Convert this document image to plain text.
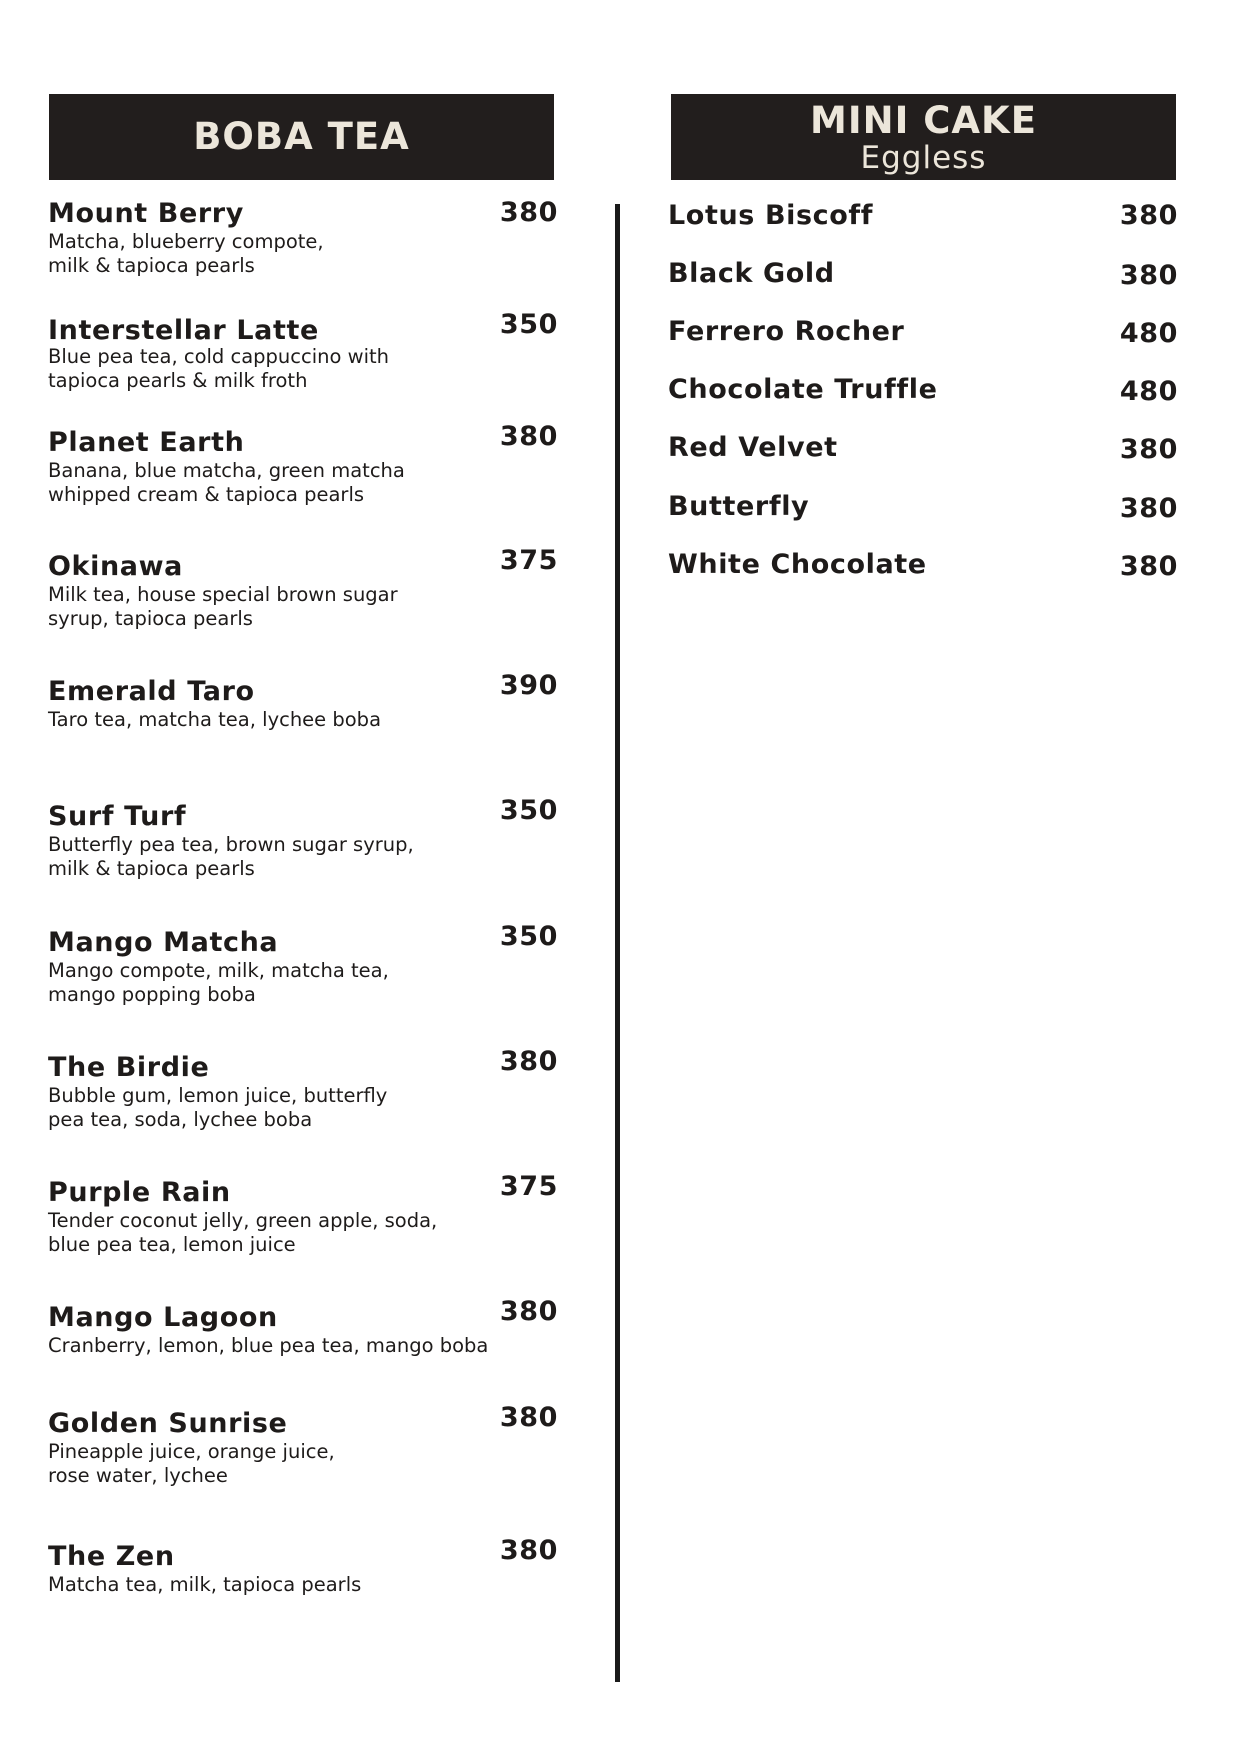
BOBA TEA	MINI CAKE
Eggless
Mount Berry	380
Matcha, blueberry compote,
milk & tapioca pearls
Interstellar Latte	350
Blue pea tea, cold cappuccino with
tapioca pearls & milk froth
Planet Earth	380
Banana, blue matcha, green matcha
whipped cream & tapioca pearls
Okinawa	375
Milk tea, house special brown sugar
syrup, tapioca pearls
Emerald Taro	390
Taro tea, matcha tea, lychee boba
Surf Turf	350
Butterfly pea tea, brown sugar syrup,
milk & tapioca pearls
Mango Matcha	350
Mango compote, milk, matcha tea,
mango popping boba
The Birdie	380
Bubble gum, lemon juice, butterfly
pea tea, soda, lychee boba
Purple Rain	375
Tender coconut jelly, green apple, soda,
blue pea tea, lemon juice
Mango Lagoon	380
Cranberry, lemon, blue pea tea, mango boba
Golden Sunrise	380
Pineapple juice, orange juice,
rose water, lychee
The Zen	380
Matcha tea, milk, tapioca pearls
Lotus Biscoff	380
Black Gold	380
Ferrero Rocher	480
Chocolate Truffle	480
Red Velvet	380
Butterfly	380
White Chocolate	380
